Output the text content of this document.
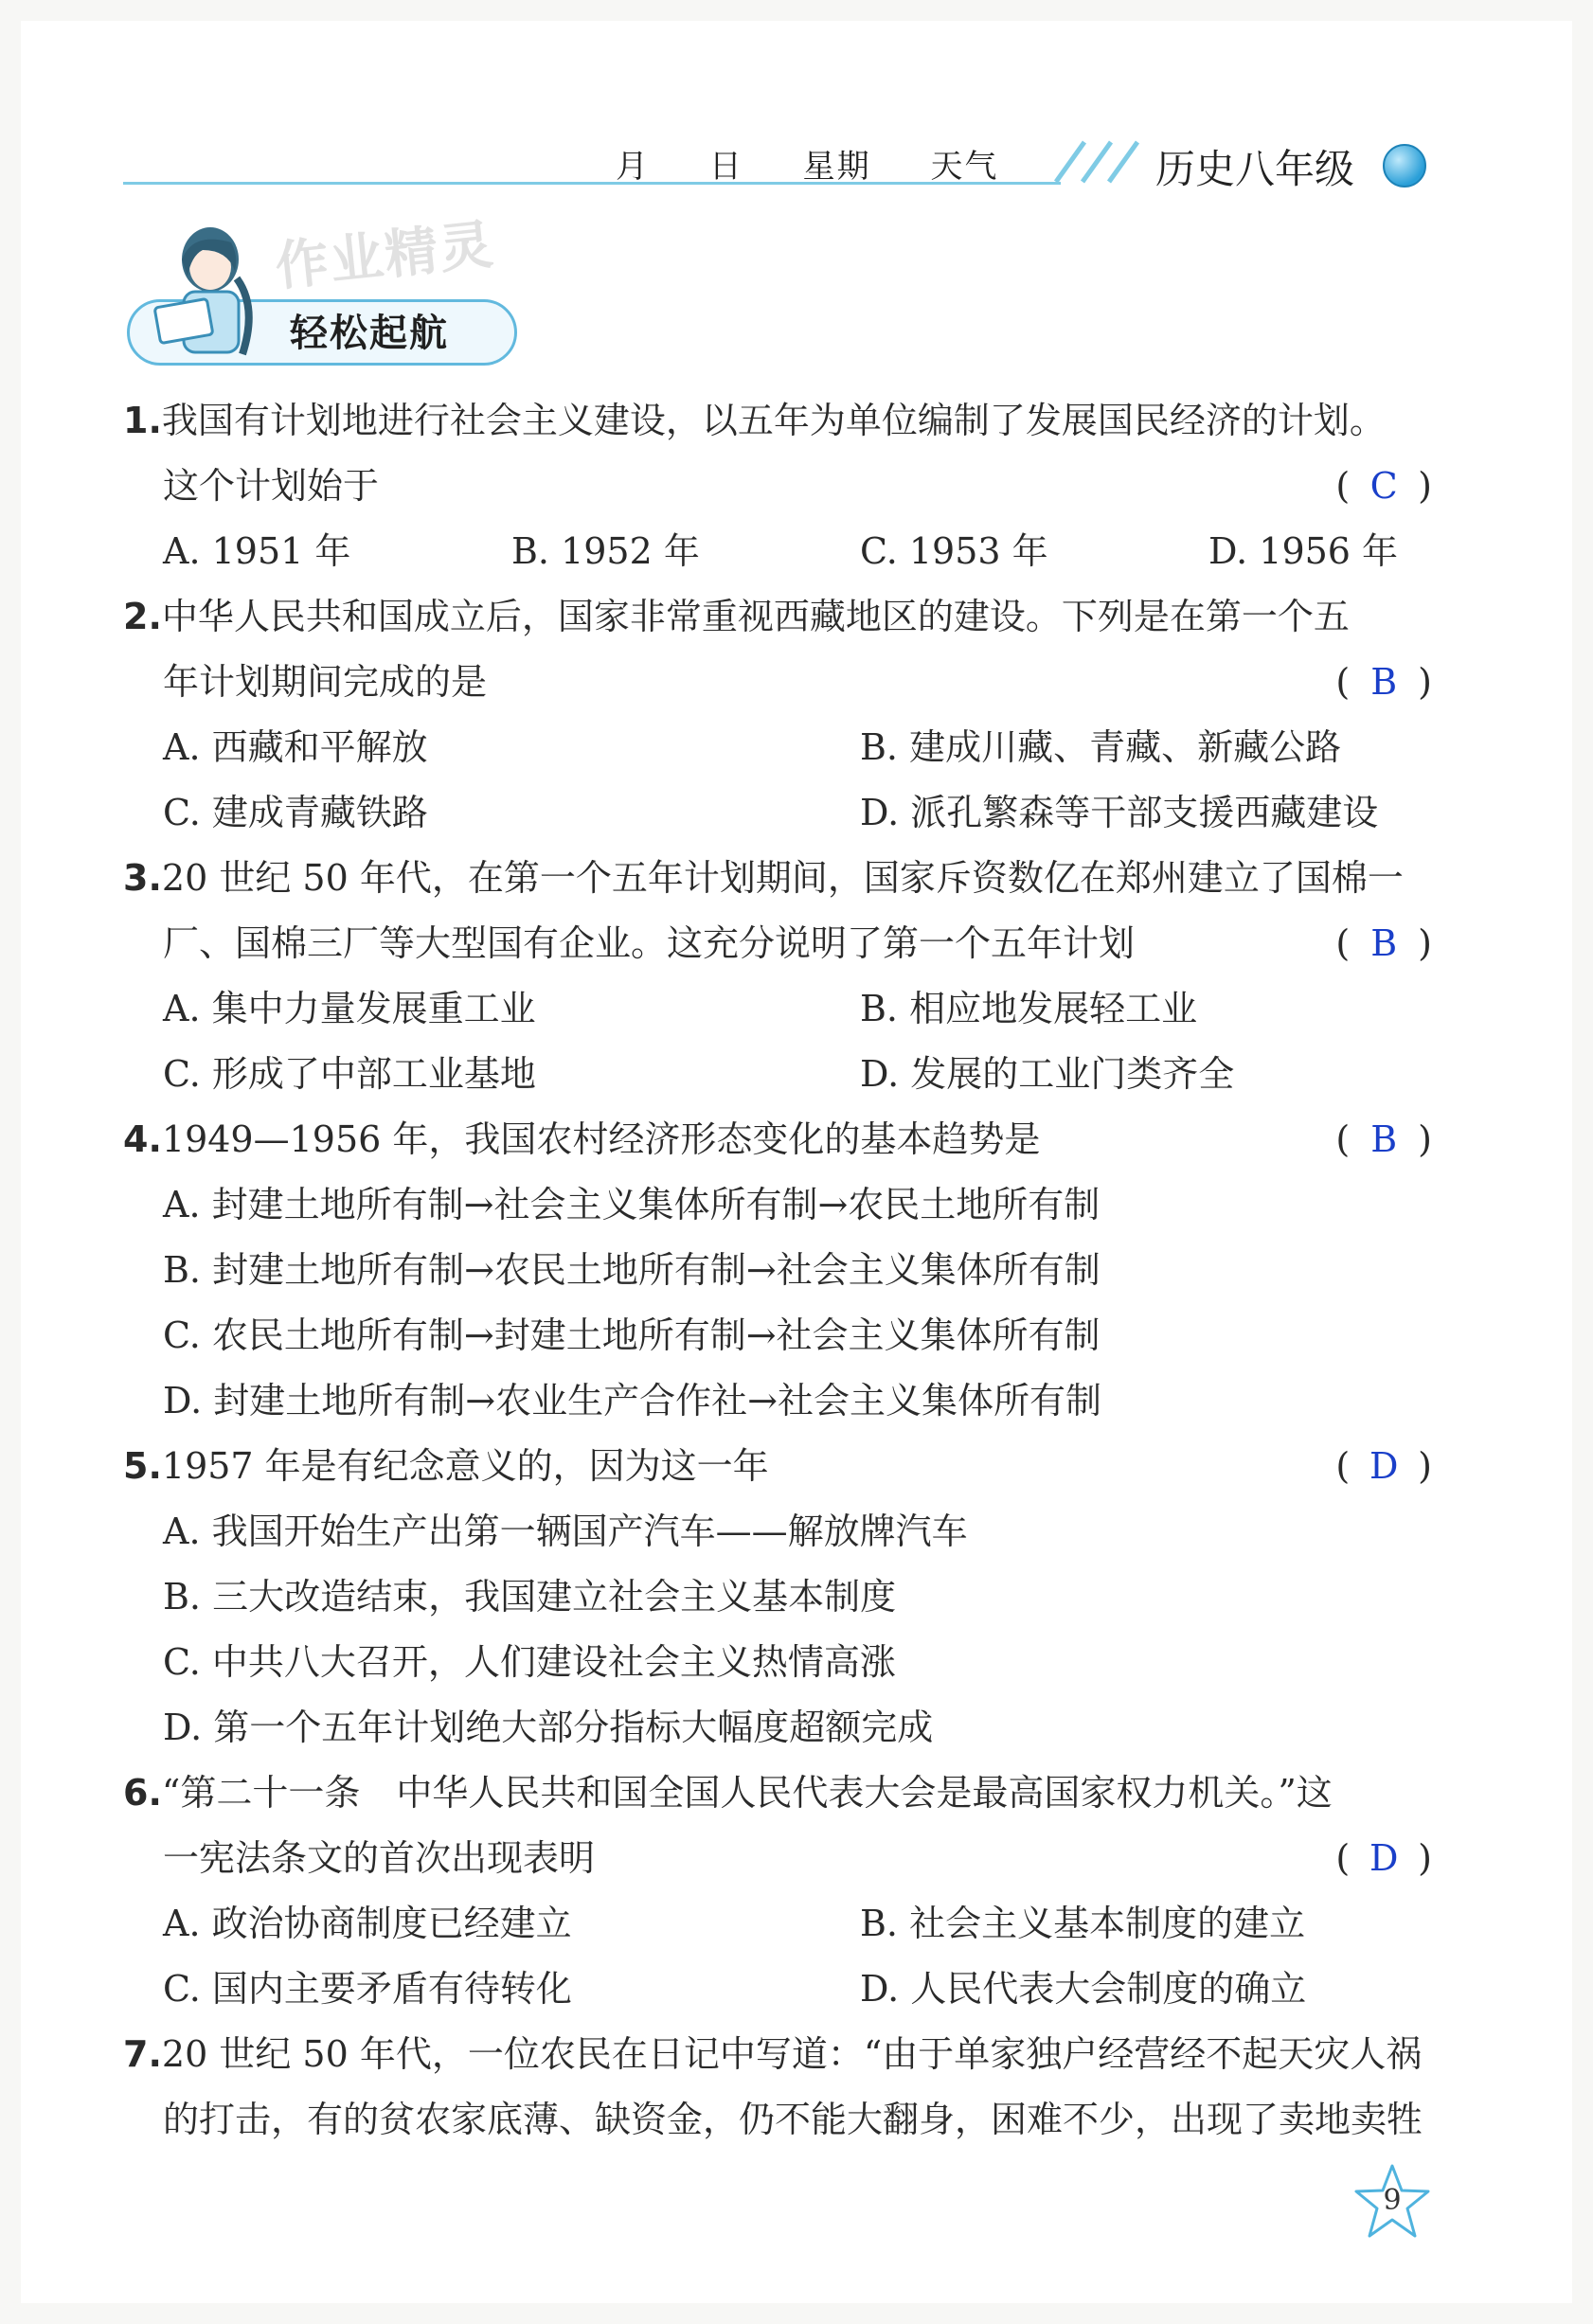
月 日 星期 天气	历史八年级
作业精灵
轻松起航
1.我国有计划地进行社会主义建设，以五年为单位编制了发展国民经济的计划。
这个计划始于	( C )
A. 1951 年	B. 1952 年	C. 1953 年	D. 1956 年
2.中华人民共和国成立后，国家非常重视西藏地区的建设。下列是在第一个五
年计划期间完成的是	( B )
A. 西藏和平解放	B. 建成川藏、青藏、新藏公路
C. 建成青藏铁路	D. 派孔繁森等干部支援西藏建设
3.20 世纪 50 年代，在第一个五年计划期间，国家斥资数亿在郑州建立了国棉一
厂、国棉三厂等大型国有企业。这充分说明了第一个五年计划	( B )
A. 集中力量发展重工业	B. 相应地发展轻工业
C. 形成了中部工业基地	D. 发展的工业门类齐全
4.1949—1956 年，我国农村经济形态变化的基本趋势是	( B )
A. 封建土地所有制→社会主义集体所有制→农民土地所有制
B. 封建土地所有制→农民土地所有制→社会主义集体所有制
C. 农民土地所有制→封建土地所有制→社会主义集体所有制
D. 封建土地所有制→农业生产合作社→社会主义集体所有制
5.1957 年是有纪念意义的，因为这一年	( D )
A. 我国开始生产出第一辆国产汽车——解放牌汽车
B. 三大改造结束，我国建立社会主义基本制度
C. 中共八大召开，人们建设社会主义热情高涨
D. 第一个五年计划绝大部分指标大幅度超额完成
6.“第二十一条　中华人民共和国全国人民代表大会是最高国家权力机关。”这
一宪法条文的首次出现表明	( D )
A. 政治协商制度已经建立	B. 社会主义基本制度的建立
C. 国内主要矛盾有待转化	D. 人民代表大会制度的确立
7.20 世纪 50 年代，一位农民在日记中写道：“由于单家独户经营经不起天灾人祸
的打击，有的贫农家底薄、缺资金，仍不能大翻身，困难不少，出现了卖地卖牲
9
